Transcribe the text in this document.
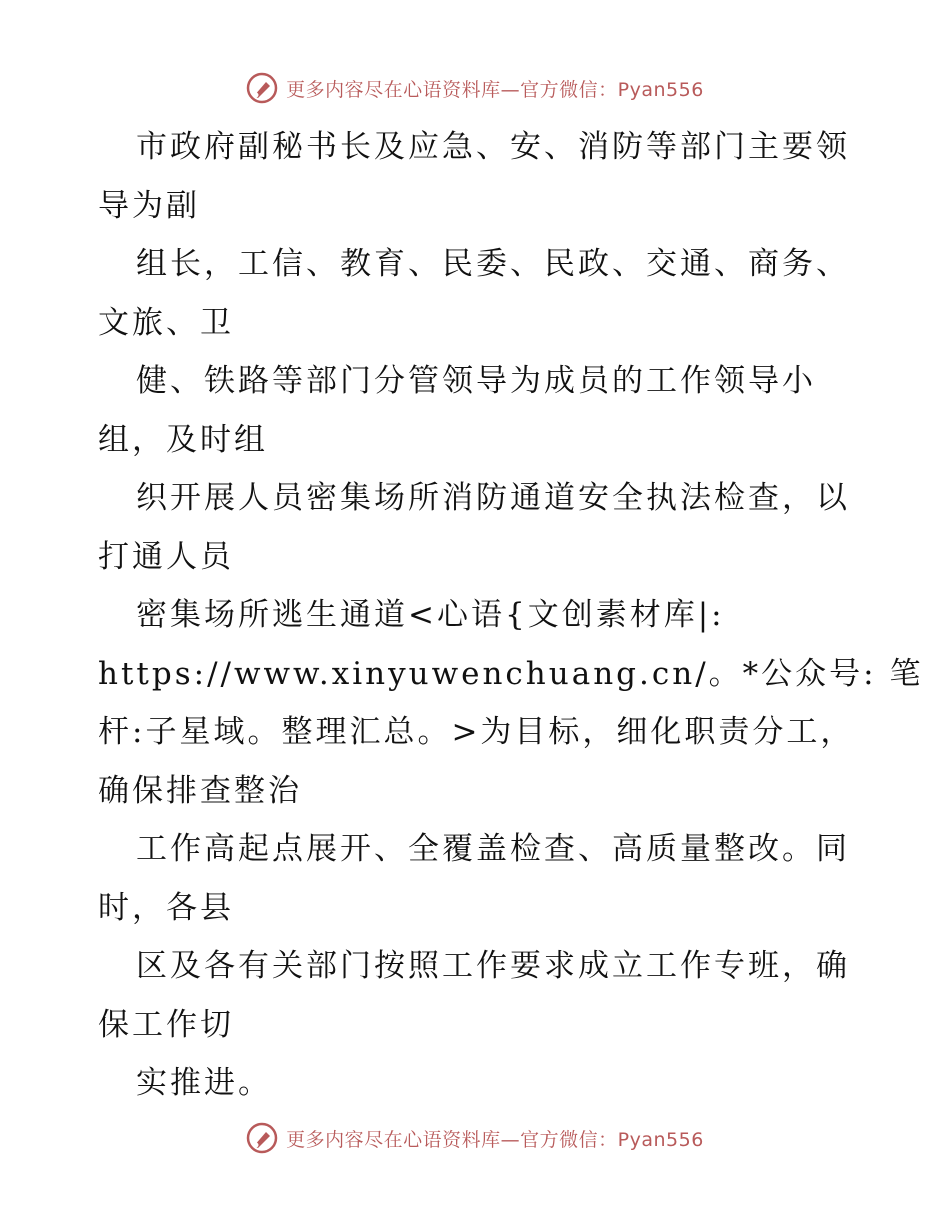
更多内容尽在心语资料库—官方微信：Pyan556
市政府副秘书长及应急、安、消防等部门主要领
导为副
组长，工信、教育、民委、民政、交通、商务、
文旅、卫
健、铁路等部门分管领导为成员的工作领导小
组，及时组
织开展人员密集场所消防通道安全执法检查，以
打通人员
密集场所逃生通道<心语{文创素材库|:
https://www.xinyuwenchuang.cn/。*公众号: 笔
杆:子星域。整理汇总。>为目标，细化职责分工，
确保排查整治
工作高起点展开、全覆盖检查、高质量整改。同
时，各县
区及各有关部门按照工作要求成立工作专班，确
保工作切
实推进。
更多内容尽在心语资料库—官方微信：Pyan556
